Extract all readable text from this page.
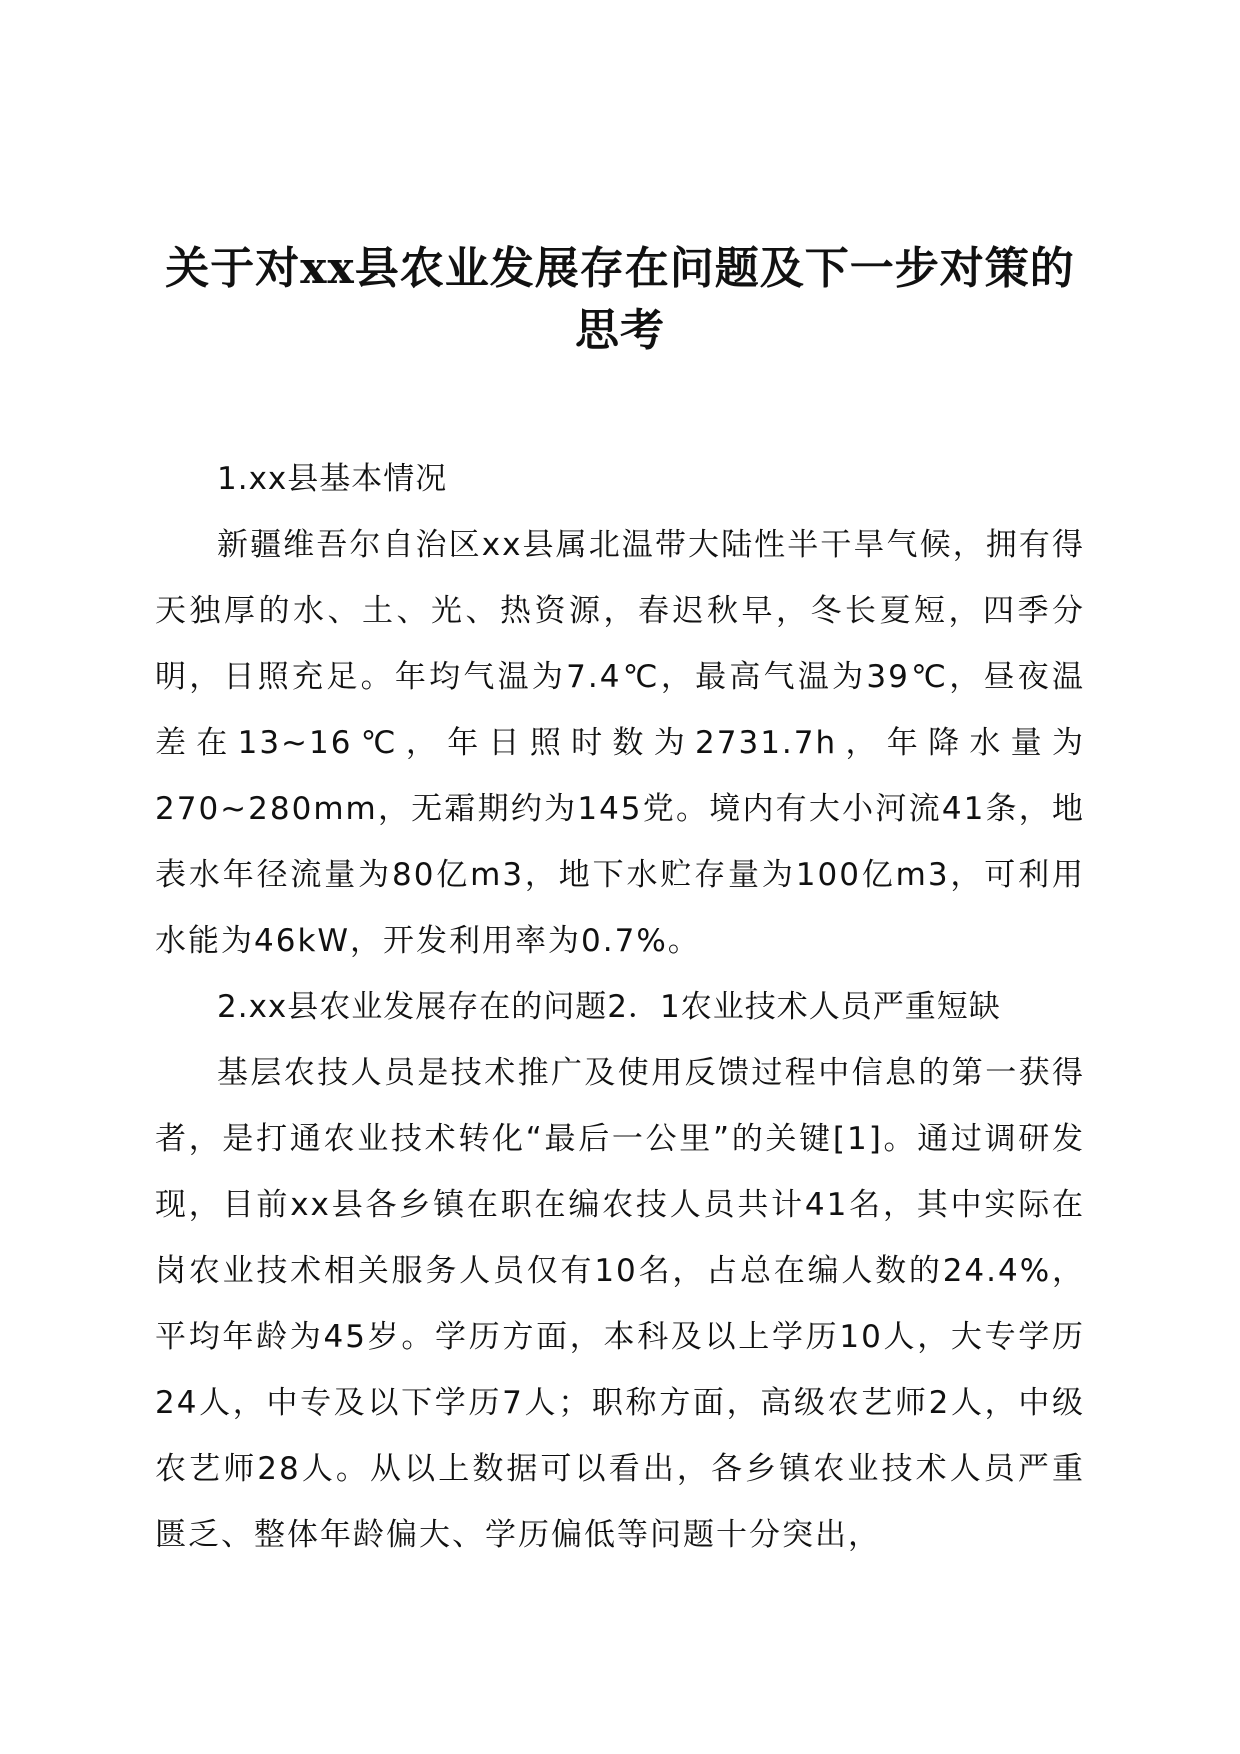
关于对xx县农业发展存在问题及下一步对策的思考
1.xx县基本情况

新疆维吾尔自治区xx县属北温带大陆性半干旱气候，拥有得天独厚的水、土、光、热资源，春迟秋早，冬长夏短，四季分明，日照充足。年均气温为7.4℃，最高气温为39℃，昼夜温差在13~16℃，年日照时数为2731.7h，年降水量为270~280mm，无霜期约为145党。境内有大小河流41条，地表水年径流量为80亿m3，地下水贮存量为100亿m3，可利用水能为46kW，开发利用率为0.7%。

2.xx县农业发展存在的问题2．1农业技术人员严重短缺

基层农技人员是技术推广及使用反馈过程中信息的第一获得者，是打通农业技术转化“最后一公里”的关键[1]。通过调研发现，目前xx县各乡镇在职在编农技人员共计41名，其中实际在岗农业技术相关服务人员仅有10名，占总在编人数的24.4%，平均年龄为45岁。学历方面，本科及以上学历10人，大专学历24人，中专及以下学历7人；职称方面，高级农艺师2人，中级农艺师28人。从以上数据可以看出，各乡镇农业技术人员严重匮乏、整体年龄偏大、学历偏低等问题十分突出，
